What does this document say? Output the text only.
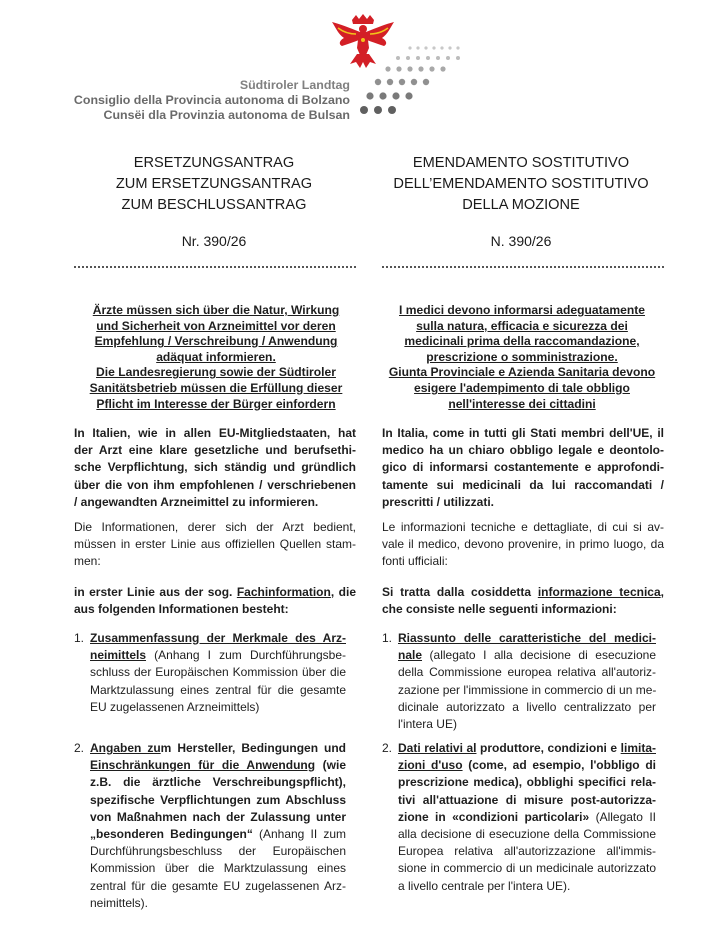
Südtiroler Landtag
Consiglio della Provincia autonoma di Bolzano
Cunsëi dla Provinzia autonoma de Bulsan
ERSETZUNGSANTRAG
ZUM ERSETZUNGSANTRAG
ZUM BESCHLUSSANTRAG
EMENDAMENTO SOSTITUTIVO
DELL’EMENDAMENTO SOSTITUTIVO
DELLA MOZIONE
Nr. 390/26	N. 390/26
Ärzte müssen sich über die Natur, Wirkung
und Sicherheit von Arzneimittel vor deren
Empfehlung / Verschreibung / Anwendung
adäquat informieren.
Die Landesregierung sowie der Südtiroler
Sanitätsbetrieb müssen die Erfüllung dieser
Pflicht im Interesse der Bürger einfordern
I medici devono informarsi adeguatamente
sulla natura, efficacia e sicurezza dei
medicinali prima della raccomandazione,
prescrizione o somministrazione.
Giunta Provinciale e Azienda Sanitaria devono
esigere l'adempimento di tale obbligo
nell'interesse dei cittadini
In Italien, wie in allen EU-Mitgliedstaaten, hat
der Arzt eine klare gesetzliche und berufsethi-
sche Verpflichtung, sich ständig und gründlich
über die von ihm empfohlenen / verschriebenen
/ angewandten Arzneimittel zu informieren.
In Italia, come in tutti gli Stati membri dell'UE, il
medico ha un chiaro obbligo legale e deontolo-
gico di informarsi costantemente e approfondi-
tamente sui medicinali da lui raccomandati /
prescritti / utilizzati.
Die Informationen, derer sich der Arzt bedient,
müssen in erster Linie aus offiziellen Quellen stam-
men:
Le informazioni tecniche e dettagliate, di cui si av-
vale il medico, devono provenire, in primo luogo, da
fonti ufficiali:
in erster Linie aus der sog. Fachinformation, die
aus folgenden Informationen besteht:
Si tratta dalla cosiddetta informazione tecnica,
che consiste nelle seguenti informazioni:
1. Zusammenfassung der Merkmale des Arz-
neimittels (Anhang I zum Durchführungsbe-
schluss der Europäischen Kommission über die
Marktzulassung eines zentral für die gesamte
EU zugelassenen Arzneimittels)
1. Riassunto delle caratteristiche del medici-
nale (allegato I alla decisione di esecuzione
della Commissione europea relativa all'autoriz-
zazione per l'immissione in commercio di un me-
dicinale autorizzato a livello centralizzato per
l'intera UE)
2. Angaben zum Hersteller, Bedingungen und
Einschränkungen für die Anwendung (wie
z.B. die ärztliche Verschreibungspflicht),
spezifische Verpflichtungen zum Abschluss
von Maßnahmen nach der Zulassung unter
„besonderen Bedingungen“ (Anhang II zum
Durchführungsbeschluss der Europäischen
Kommission über die Marktzulassung eines
zentral für die gesamte EU zugelassenen Arz-
neimittels).
2. Dati relativi al produttore, condizioni e limita-
zioni d'uso (come, ad esempio, l'obbligo di
prescrizione medica), obblighi specifici rela-
tivi all'attuazione di misure post-autorizza-
zione in «condizioni particolari» (Allegato II
alla decisione di esecuzione della Commissione
Europea relativa all'autorizzazione all'immis-
sione in commercio di un medicinale autorizzato
a livello centrale per l'intera UE).
